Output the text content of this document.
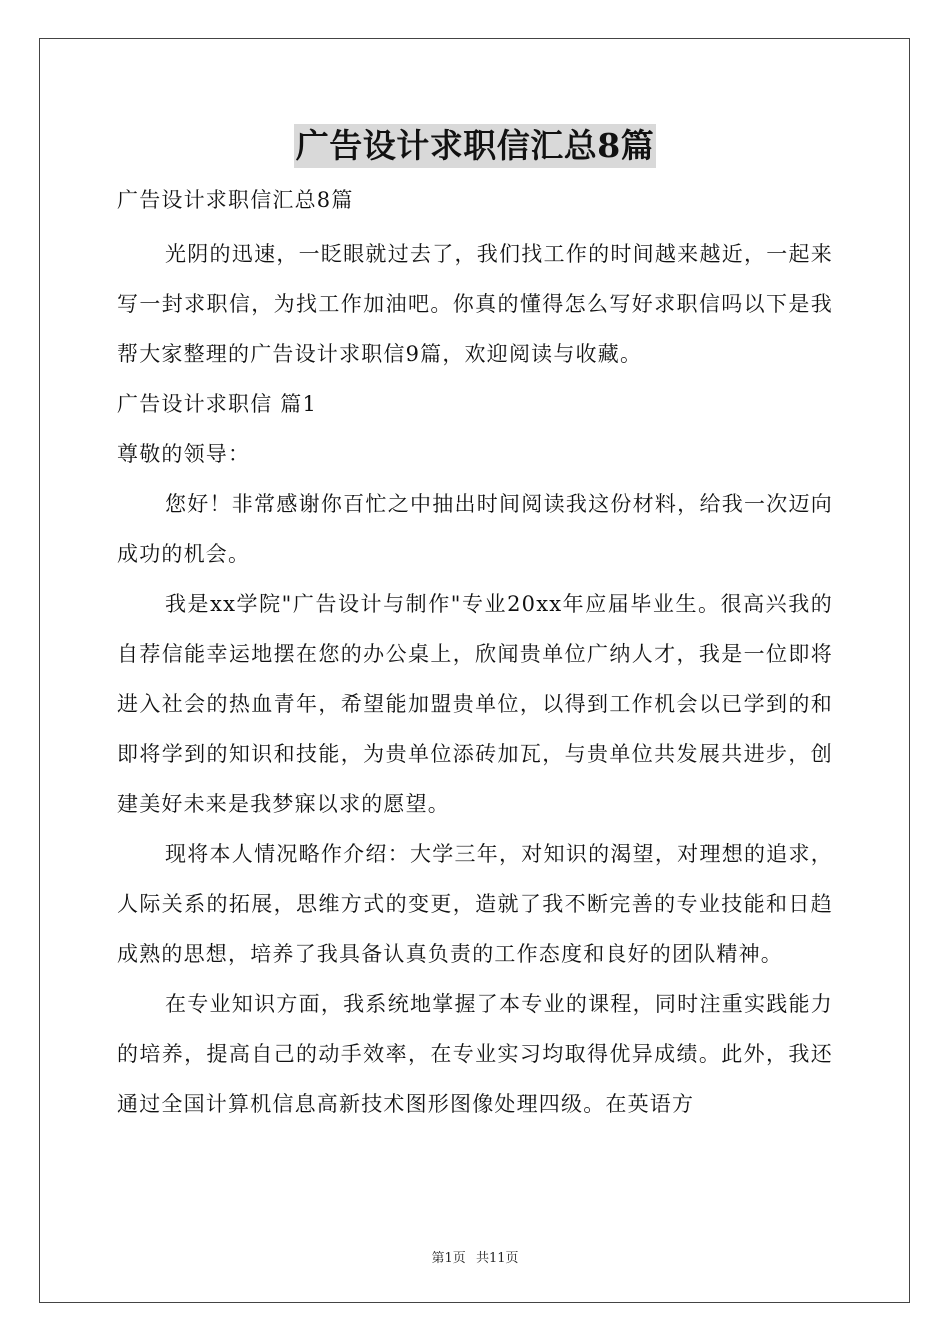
广告设计求职信汇总8篇

广告设计求职信汇总8篇

光阴的迅速，一眨眼就过去了，我们找工作的时间越来越近，一起来写一封求职信，为找工作加油吧。你真的懂得怎么写好求职信吗以下是我帮大家整理的广告设计求职信9篇，欢迎阅读与收藏。

广告设计求职信 篇1

尊敬的领导：

您好！非常感谢你百忙之中抽出时间阅读我这份材料，给我一次迈向成功的机会。

我是xx学院"广告设计与制作"专业20xx年应届毕业生。很高兴我的自荐信能幸运地摆在您的办公桌上，欣闻贵单位广纳人才，我是一位即将进入社会的热血青年，希望能加盟贵单位，以得到工作机会以已学到的和即将学到的知识和技能，为贵单位添砖加瓦，与贵单位共发展共进步，创建美好未来是我梦寐以求的愿望。

现将本人情况略作介绍：大学三年，对知识的渴望，对理想的追求，人际关系的拓展，思维方式的变更，造就了我不断完善的专业技能和日趋成熟的思想，培养了我具备认真负责的工作态度和良好的团队精神。

在专业知识方面，我系统地掌握了本专业的课程，同时注重实践能力的培养，提高自己的动手效率，在专业实习均取得优异成绩。此外，我还通过全国计算机信息高新技术图形图像处理四级。在英语方

第1页 共11页
